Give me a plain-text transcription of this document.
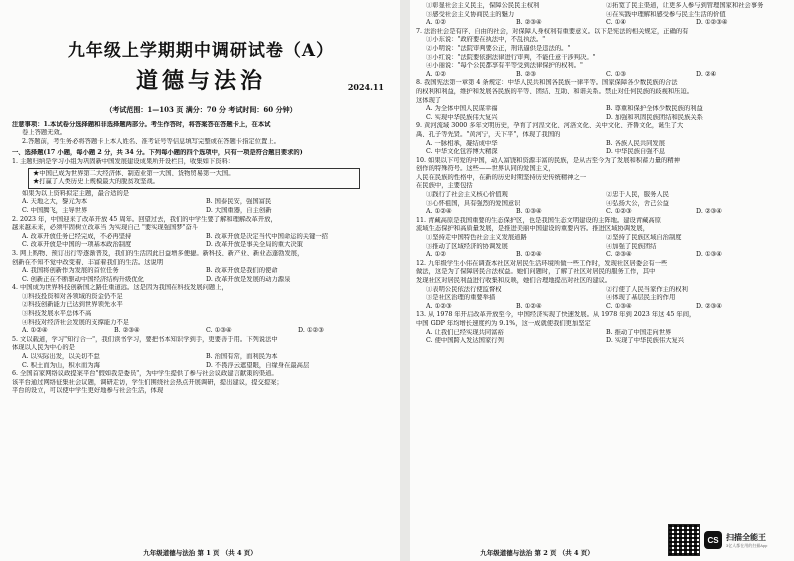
九年级上学期期中调研试卷（A）
道德与法治	2024.11
（考试范围：1—103 页 满分：70 分 考试时间：60 分钟）

注意事项：1.本试卷分选择题和非选择题两部分。考生作答时，将答案答在答题卡上，在本试

卷上答题无效。

2.答题前，考生务必将答题卡上本人姓名、准考证号等信息填写完整或在答题卡指定位置上。

一、选择题(17 小题，每小题 2 分，共 34 分。下列每小题的四个选项中，只有一项是符合题目要求的)

1. 主题归纳是学习小组为巩固新中国发展建设成果所开设栏目，收集如下资料：

★中国已成为世界第二大经济体、制造业第一大国、货物贸易第一大国。

★打赢了人类历史上规模最大的脱贫攻坚战。

如果为以上资料拟定主题，最合适的是

A. 天地之大，黎元为本	B. 国泰民安，强国富民
C. 中国腾飞，主导世界	D. 大国重器，自主创新

2. 2023 年，中国迎来了改革开放 45 周年。回望过去，我们的中学生要了解和理解改革开放，

越来越未来，必须牢固树立改革当 为实现自己 "要实现强国梦"奋斗

A. 改革开放任务已经完成，不必再坚持	B. 改革开放是决定当代中国命运的关键一招
C. 改革开放是中国的一项基本政治制度	D. 改革开放是事关全局的重大决策

3. 网上购物、预订出行等逐渐普及，我们的生活因此日益增多便捷。新科技、新产业、新业态蓬勃发展，

创新在不知不觉中改变着、丰富着我们的生活。这说明

A. 我国将创新作为发展的首位任务	B. 改革开放是我们的使命
C. 创新正在不断驱动中国经济结构升级优化	D. 改革开放是发展的动力源泉

4. 中国成为世界科技创新国之路任重道远。这是因为我国在科技发展问题上，

①科技投资和对各领域的资金仍不足

②科技创新能力已达到世界领先水平

③科技发展水平总体不高

④科技对经济社会发展的支撑能力不足

A. ①②④	B. ②③④	C. ①③④	D. ①②③

5. 文以载道，学习"知行合一"，我们读书学习，要把书本知识学到手，更要善于用。下列说法中

体现以人民为中心的是

A. 以实际出发，以关切不怠	B. 治国有常，而利民为本
C. 积土而为山，积水而为海	D. 不畏浮云遮望眼，自缘身在最高层

6. 全国首家网络议政提案平台"假如我是委员"，为中学生提供了参与社会议政建言献策的渠道。

该平台通过网络征集社会议题，调研走访，学生们围绕社会热点开展调研，提出建议，提交提案；

平台的设立，可以使中学生更好地参与社会生活，体现

九年级道德与法治 第 1 页 （共 4 页）
①彰显社会主义民主，保障公民民主权利	②拓宽了民主渠道，让更多人参与到管理国家和社会事务
③感受社会主义协商民主的魅力	④在实践中理解和感受参与民主生活的价值
A. ①②	B. ②③④	C. ①④	D. ①②③④

7. 法治社会是有序、自由的社会，对保障人身权利有重要意义。以下是宪法的相关规定，正确的有

①小东说："政府要在执法中，不乱执法。"

②小明说："法院审判要公正，刑讯逼供是违法的。"

③小红说："法院要依据法律进行审判，不能任意干涉判决。"

④小丽说："每个公民都享有平等受到法律保护的权利。"

A. ①②	B. ②③	C. ①③	D. ②④

8. 我国宪法第一章第 4 条规定：中华人民共和国各民族一律平等。国家保障各少数民族的合法

的权利和利益，维护和发展各民族的平等、团结、互助、和谐关系。禁止对任何民族的歧视和压迫。

这体现了

A. 为全体中国人民谋幸福	B. 尊重和保护全体少数民族的利益
C. 实现中华民族伟大复兴	D. 加强和巩固民族团结和民族关系

9. 黄河流域 3000 多年文明历史，孕育了河湟文化、河洛文化、关中文化、齐鲁文化，诞生了大

禹、孔子等先贤。"黄河宁，天下平"，体现了我国的

A. 一脉相承，凝结成中华	B. 各族人民共同发展
C. 中华文化包容博大精深	D. 中华民族自强不息

10. 如果以下可爱的中国，动人富饶和资源丰富的民族，是从古至今为了发展和积蓄力量的精神

创作的特殊符号。这些——世界认同的爱国主义，

人民在民族的性格中，在新的历史时期坚持历史传统精神之一

在民族中，主要包括

①践行了社会主义核心价值观	②忠于人民，服务人民
③心怀祖国，具有强烈的爱国意识	④弘扬大公，舍己公益
A. ①②④	B. ①③④	C. ①②③	D. ②③④

11. 青藏高原是我国重要的生态保护区，也是我国生态文明建设的主阵地。建设青藏高原

流域生态保护和高质量发展，是推进美丽中国建设的重要内容。推进区域协调发展，

①坚持走中国特色社会主义发展道路	②坚持了民族区域自治制度
③推动了区域经济的协调发展	④加强了民族团结
A. ①②	B. ①②④	C. ②③④	D. ①③④

12. 九年级学生小伟在调查本社区对居民生活环境所做一些工作时，发现社区居委会有一些

做法，这是为了保障居民合法权益。她们问题时，了解了社区对居民的服务工作，其中

发现社区对居民利益进行收集和反映，她们合理地提出对社区的建议。

①表明公民依法行使监督权	②行使了人民当家作主的权利
③是社区治理的重要举措	④体现了基层民主的作用
A. ①②③	B. ①②④	C. ①③④	D. ②③④

13. 从 1978 年开启改革开放至今，中国经济实现了快速发展。从 1978 年到 2023 年这 45 年间，

中国 GDP 年均增长速度约为 9.1%，这一成就使我们更加坚定

A. 让我们已经实现共同富裕	B. 推动了中国走向世界
C. 使中国跨入发达国家行列	D. 实现了中华民族伟大复兴
九年级道德与法治 第 2 页 （共 4 页）
CS 扫描全能王
3亿人都在用的扫描App
